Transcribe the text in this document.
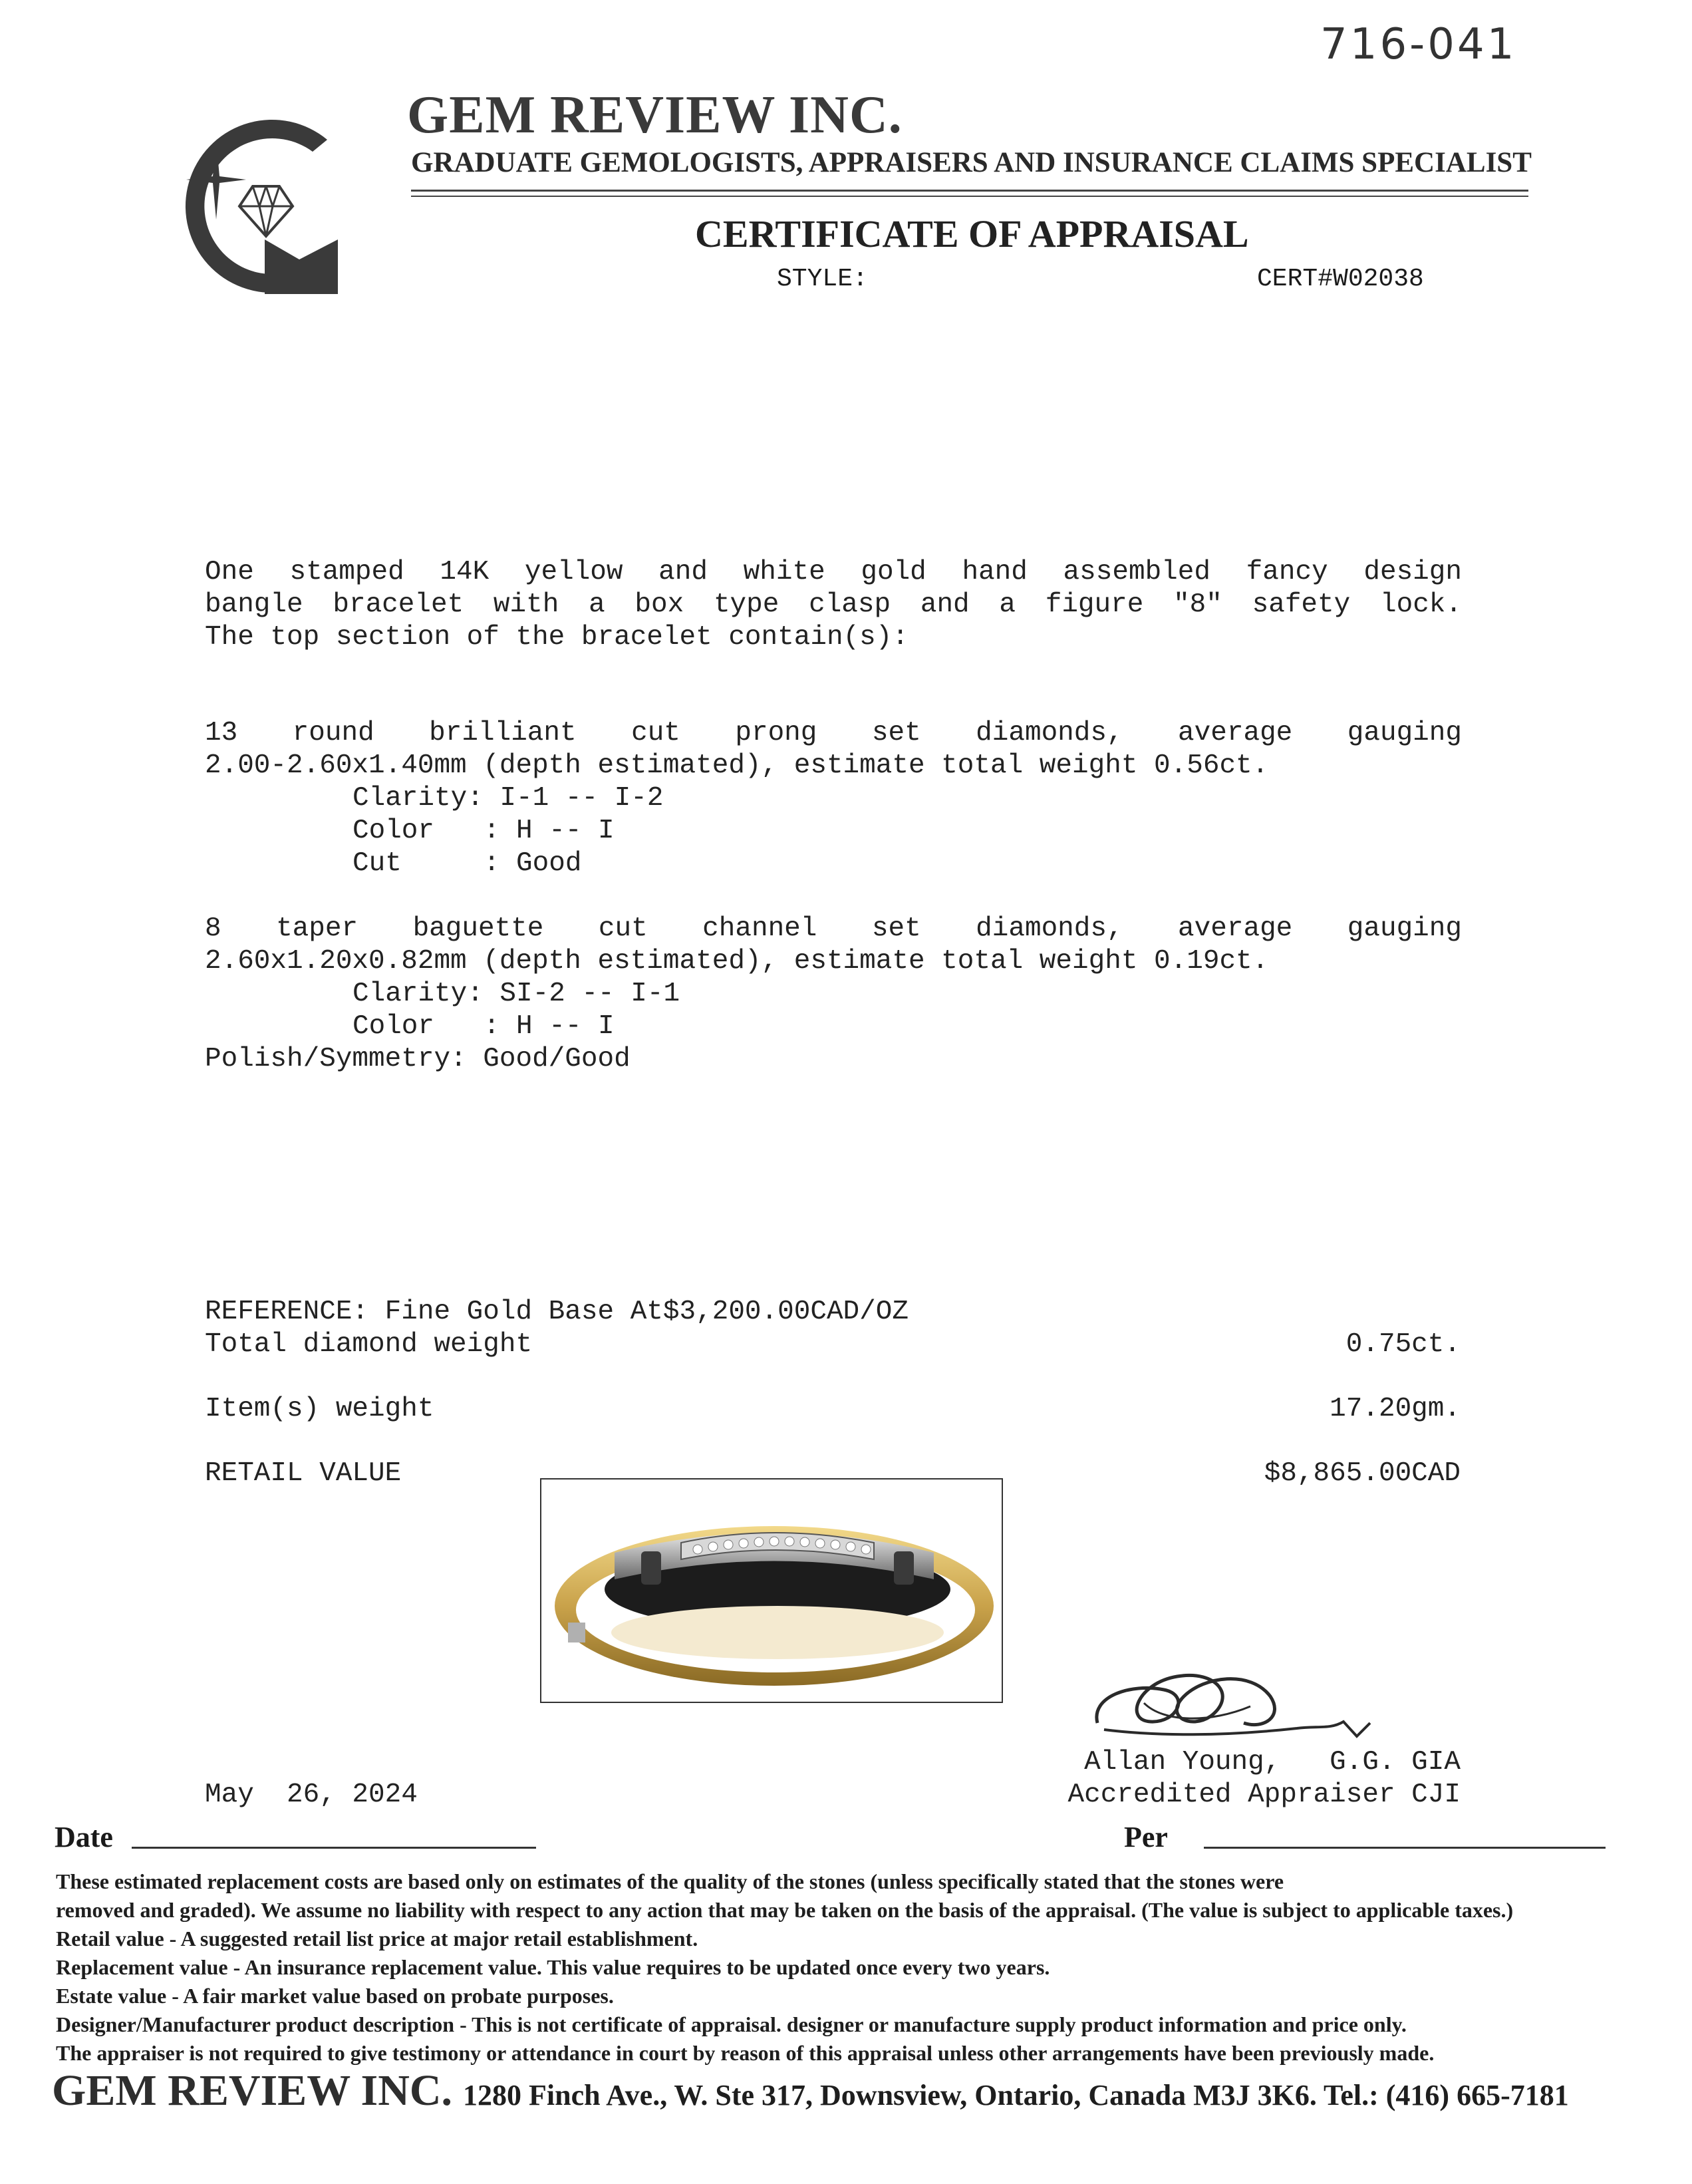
716-041
GEM REVIEW INC.
GRADUATE GEMOLOGISTS, APPRAISERS AND INSURANCE CLAIMS SPECIALIST
CERTIFICATE OF APPRAISAL
STYLE:	CERT#W02038
One stamped 14K yellow and white gold hand assembled fancy design
bangle bracelet with a box type clasp and a figure "8" safety lock.
The top section of the bracelet contain(s):
13 round brilliant cut prong set diamonds, average gauging
2.00-2.60x1.40mm (depth estimated), estimate total weight 0.56ct.
Clarity: I-1 -- I-2
Color   : H -- I
Cut     : Good
8 taper baguette cut channel set diamonds, average gauging
2.60x1.20x0.82mm (depth estimated), estimate total weight 0.19ct.
Clarity: SI-2 -- I-1
Color   : H -- I
Polish/Symmetry: Good/Good
REFERENCE: Fine Gold Base At$3,200.00CAD/OZ
Total diamond weight	0.75ct.
Item(s) weight	17.20gm.
RETAIL VALUE	$8,865.00CAD
Allan Young,   G.G. GIA
Accredited Appraiser CJI
May  26, 2024
Date	Per
These estimated replacement costs are based only on estimates of the quality of the stones (unless specifically stated that the stones were
removed and graded). We assume no liability with respect to any action that may be taken on the basis of the appraisal. (The value is subject to applicable taxes.)
Retail value - A suggested retail list price at major retail establishment.
Replacement value - An insurance replacement value. This value requires to be updated once every two years.
Estate value - A fair market value based on probate purposes.
Designer/Manufacturer product description - This is not certificate of appraisal. designer or manufacture supply product information and price only.
The appraiser is not required to give testimony or attendance in court by reason of this appraisal unless other arrangements have been previously made.
GEM REVIEW INC. 1280 Finch Ave., W. Ste 317, Downsview, Ontario, Canada M3J 3K6. Tel.: (416) 665-7181
